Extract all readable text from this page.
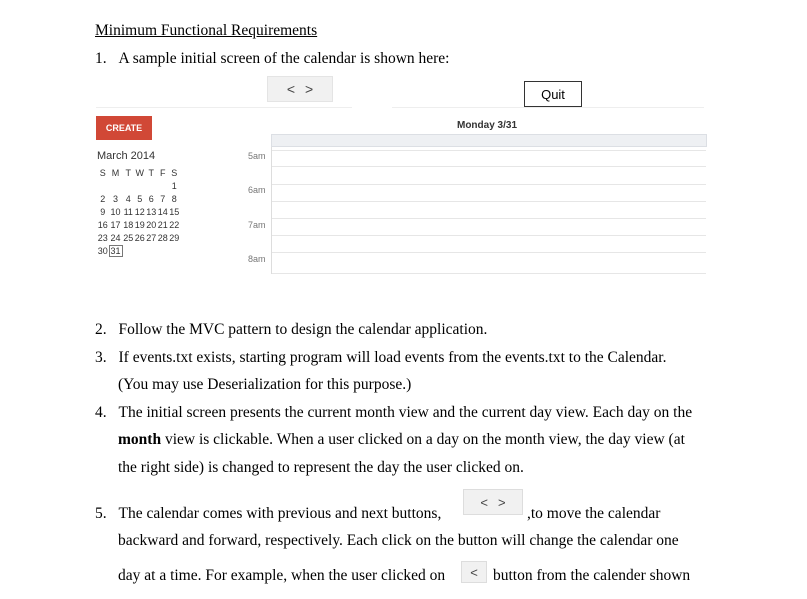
Minimum Functional Requirements
1. A sample initial screen of the calendar is shown here:
< >	Quit
CREATE	Monday 3/31
March 2014
S	M	T	W	T	F	S
						1
2	3	4	5	6	7	8
9	10	11	12	13	14	15
16	17	18	19	20	21	22
23	24	25	26	27	28	29
30	31					
5am
6am
7am
8am
2. Follow the MVC pattern to design the calendar application.
3. If events.txt exists, starting program will load events from the events.txt to the Calendar.
(You may use Deserialization for this purpose.)
4. The initial screen presents the current month view and the current day view. Each day on the
month view is clickable. When a user clicked on a day on the month view, the day view (at
the right side) is changed to represent the day the user clicked on.
5. The calendar comes with previous and next buttons,
< >
,to move the calendar
backward and forward, respectively. Each click on the button will change the calendar one
day at a time. For example, when the user clicked on < button from the calender shown
